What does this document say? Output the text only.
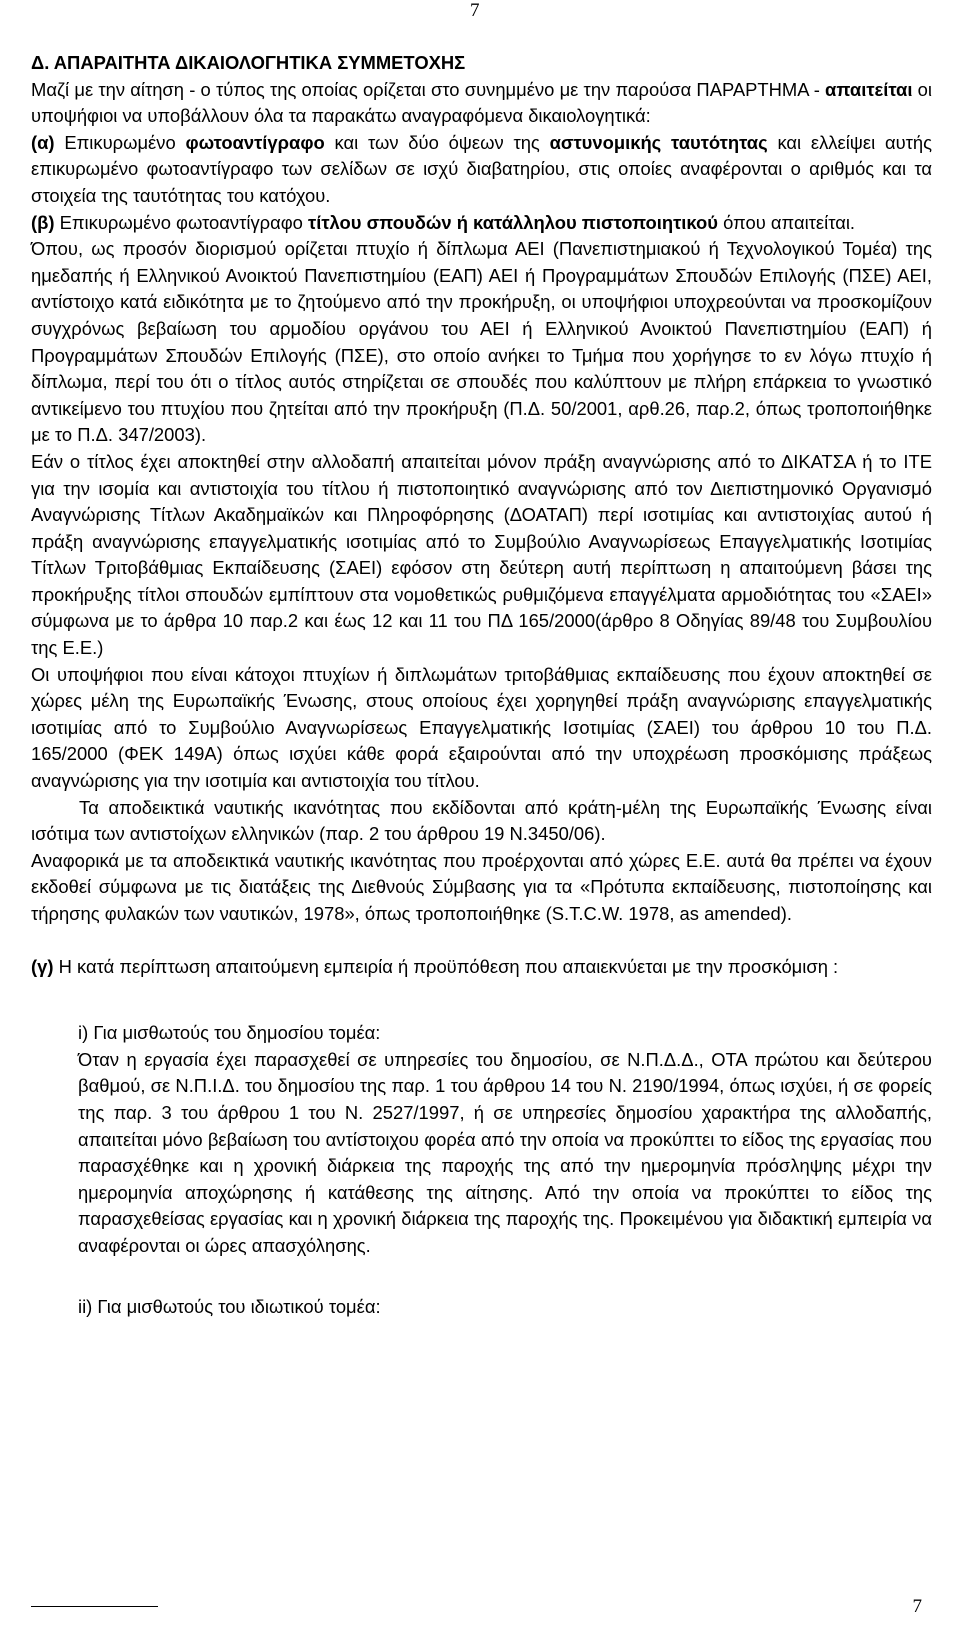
7

Δ. ΑΠΑΡΑΙΤΗΤΑ ΔΙΚΑΙΟΛΟΓΗΤΙΚΑ ΣΥΜΜΕΤΟΧΗΣ

Μαζί με την αίτηση - ο τύπος της οποίας ορίζεται στο συνημμένο με την παρούσα ΠΑΡΑΡΤΗΜΑ - απαιτείται οι υποψήφιοι να υποβάλλουν όλα τα παρακάτω αναγραφόμενα δικαιολογητικά:

(α) Επικυρωμένο φωτοαντίγραφο και των δύο όψεων της αστυνομικής ταυτότητας και ελλείψει αυτής επικυρωμένο φωτοαντίγραφο των σελίδων σε ισχύ διαβατηρίου, στις οποίες αναφέρονται ο αριθμός και τα στοιχεία της ταυτότητας του κατόχου.

(β) Επικυρωμένο φωτοαντίγραφο τίτλου σπουδών ή κατάλληλου πιστοποιητικού όπου απαιτείται.

Όπου, ως προσόν διορισμού ορίζεται πτυχίο ή δίπλωμα ΑΕΙ (Πανεπιστημιακού ή Τεχνολογικού Τομέα) της ημεδαπής ή Ελληνικού Ανοικτού Πανεπιστημίου (ΕΑΠ) ΑΕΙ ή Προγραμμάτων Σπουδών Επιλογής (ΠΣΕ) ΑΕΙ, αντίστοιχο κατά ειδικότητα με το ζητούμενο από την προκήρυξη, οι υποψήφιοι υποχρεούνται να προσκομίζουν συγχρόνως βεβαίωση του αρμοδίου οργάνου του ΑΕΙ ή Ελληνικού Ανοικτού Πανεπιστημίου (ΕΑΠ) ή Προγραμμάτων Σπουδών Επιλογής (ΠΣΕ), στο οποίο ανήκει το Τμήμα που χορήγησε το εν λόγω πτυχίο ή δίπλωμα, περί του ότι ο τίτλος αυτός στηρίζεται σε σπουδές που καλύπτουν με πλήρη επάρκεια το γνωστικό αντικείμενο του πτυχίου που ζητείται από την προκήρυξη (Π.Δ. 50/2001, αρθ.26, παρ.2, όπως τροποποιήθηκε με το Π.Δ. 347/2003).

Εάν ο τίτλος έχει αποκτηθεί στην αλλοδαπή απαιτείται μόνον πράξη αναγνώρισης από το ΔΙΚΑΤΣΑ ή το ΙΤΕ για την ισομία και αντιστοιχία του τίτλου ή πιστοποιητικό αναγνώρισης από τον Διεπιστημονικό Οργανισμό Αναγνώρισης Τίτλων Ακαδημαϊκών και Πληροφόρησης (ΔΟΑΤΑΠ) περί ισοτιμίας και αντιστοιχίας αυτού ή πράξη αναγνώρισης επαγγελματικής ισοτιμίας από το Συμβούλιο Αναγνωρίσεως Επαγγελματικής Ισοτιμίας Τίτλων Τριτοβάθμιας Εκπαίδευσης (ΣΑΕΙ) εφόσον στη δεύτερη αυτή περίπτωση η απαιτούμενη βάσει της προκήρυξης τίτλοι σπουδών εμπίπτουν στα νομοθετικώς ρυθμιζόμενα επαγγέλματα αρμοδιότητας του «ΣΑΕΙ» σύμφωνα με το άρθρα 10 παρ.2 και έως 12 και 11 του ΠΔ 165/2000(άρθρο 8 Οδηγίας 89/48 του Συμβουλίου της Ε.Ε.)

Οι υποψήφιοι που είναι κάτοχοι πτυχίων ή διπλωμάτων τριτοβάθμιας εκπαίδευσης που έχουν αποκτηθεί σε χώρες μέλη της Ευρωπαϊκής Ένωσης, στους οποίους έχει χορηγηθεί πράξη αναγνώρισης επαγγελματικής ισοτιμίας από το Συμβούλιο Αναγνωρίσεως Επαγγελματικής Ισοτιμίας (ΣΑΕΙ) του άρθρου 10 του Π.Δ. 165/2000 (ΦΕΚ 149Α) όπως ισχύει κάθε φορά εξαιρούνται από την υποχρέωση προσκόμισης πράξεως αναγνώρισης για την ισοτιμία και αντιστοιχία του τίτλου.

Τα αποδεικτικά ναυτικής ικανότητας που εκδίδονται από κράτη-μέλη της Ευρωπαϊκής Ένωσης είναι ισότιμα των αντιστοίχων ελληνικών (παρ. 2 του άρθρου 19 Ν.3450/06).

Αναφορικά με τα αποδεικτικά ναυτικής ικανότητας που προέρχονται από χώρες Ε.Ε. αυτά θα πρέπει να έχουν εκδοθεί σύμφωνα με τις διατάξεις της Διεθνούς Σύμβασης για τα «Πρότυπα εκπαίδευσης, πιστοποίησης και τήρησης φυλακών των ναυτικών, 1978», όπως τροποποιήθηκε (S.T.C.W. 1978, as amended).

(γ) Η κατά περίπτωση απαιτούμενη εμπειρία ή προϋπόθεση που απαιεκνύεται με την προσκόμιση :

i) Για μισθωτούς του δημοσίου τομέα:

Όταν η εργασία έχει παρασχεθεί σε υπηρεσίες του δημοσίου, σε Ν.Π.Δ.Δ., ΟΤΑ πρώτου και δεύτερου βαθμού, σε Ν.Π.Ι.Δ. του δημοσίου της παρ. 1 του άρθρου 14 του Ν. 2190/1994, όπως ισχύει, ή σε φορείς της παρ. 3 του άρθρου 1 του Ν. 2527/1997, ή σε υπηρεσίες δημοσίου χαρακτήρα της αλλοδαπής, απαιτείται μόνο βεβαίωση του αντίστοιχου φορέα από την οποία να προκύπτει το είδος της εργασίας που παρασχέθηκε και η χρονική διάρκεια της παροχής της από την ημερομηνία πρόσληψης μέχρι την ημερομηνία αποχώρησης ή κατάθεσης της αίτησης. Από την οποία να προκύπτει το είδος της παρασχεθείσας εργασίας και η χρονική διάρκεια της παροχής της. Προκειμένου για διδακτική εμπειρία να αναφέρονται οι ώρες απασχόλησης.

ii) Για μισθωτούς του ιδιωτικού τομέα:

7
